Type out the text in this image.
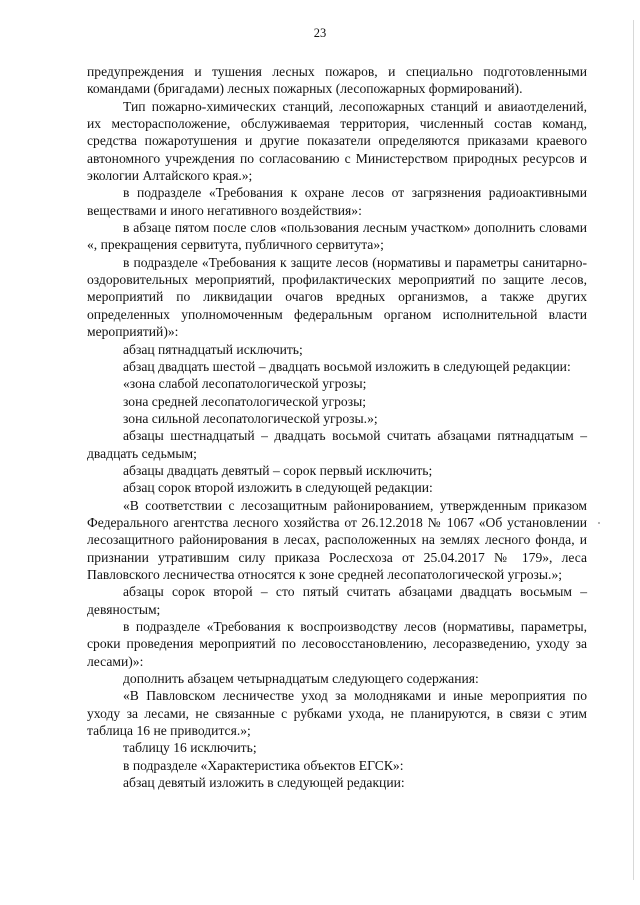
23

предупреждения и тушения лесных пожаров, и специально подготовленными командами (бригадами) лесных пожарных (лесопожарных формирований).

Тип пожарно-химических станций, лесопожарных станций и авиаотделений, их месторасположение, обслуживаемая территория, численный состав команд, средства пожаротушения и другие показатели определяются приказами краевого автономного учреждения по согласованию с Министерством природных ресурсов и экологии Алтайского края.»;

в подразделе «Требования к охране лесов от загрязнения радиоактивными веществами и иного негативного воздействия»:

в абзаце пятом после слов «пользования лесным участком» дополнить словами «, прекращения сервитута, публичного сервитута»;

в подразделе «Требования к защите лесов (нормативы и параметры санитарно-оздоровительных мероприятий, профилактических мероприятий по защите лесов, мероприятий по ликвидации очагов вредных организмов, а также других определенных уполномоченным федеральным органом исполнительной власти мероприятий)»:

абзац пятнадцатый исключить;

абзац двадцать шестой – двадцать восьмой изложить в следующей редакции:

«зона слабой лесопатологической угрозы;

зона средней лесопатологической угрозы;

зона сильной лесопатологической угрозы.»;

абзацы шестнадцатый – двадцать восьмой считать абзацами пятнадцатым – двадцать седьмым;

абзацы двадцать девятый – сорок первый исключить;

абзац сорок второй изложить в следующей редакции:

«В соответствии с лесозащитным районированием, утвержденным приказом Федерального агентства лесного хозяйства от 26.12.2018 № 1067 «Об установлении лесозащитного районирования в лесах, расположенных на землях лесного фонда, и признании утратившим силу приказа Рослесхоза от 25.04.2017 № 179», леса Павловского лесничества относятся к зоне средней лесопатологической угрозы.»;

абзацы сорок второй – сто пятый считать абзацами двадцать восьмым – девяностым;

в подразделе «Требования к воспроизводству лесов (нормативы, параметры, сроки проведения мероприятий по лесовосстановлению, лесоразведению, уходу за лесами)»:

дополнить абзацем четырнадцатым следующего содержания:

«В Павловском лесничестве уход за молодняками и иные мероприятия по уходу за лесами, не связанные с рубками ухода, не планируются, в связи с этим таблица 16 не приводится.»;

таблицу 16 исключить;

в подразделе «Характеристика объектов ЕГСК»:

абзац девятый изложить в следующей редакции:
